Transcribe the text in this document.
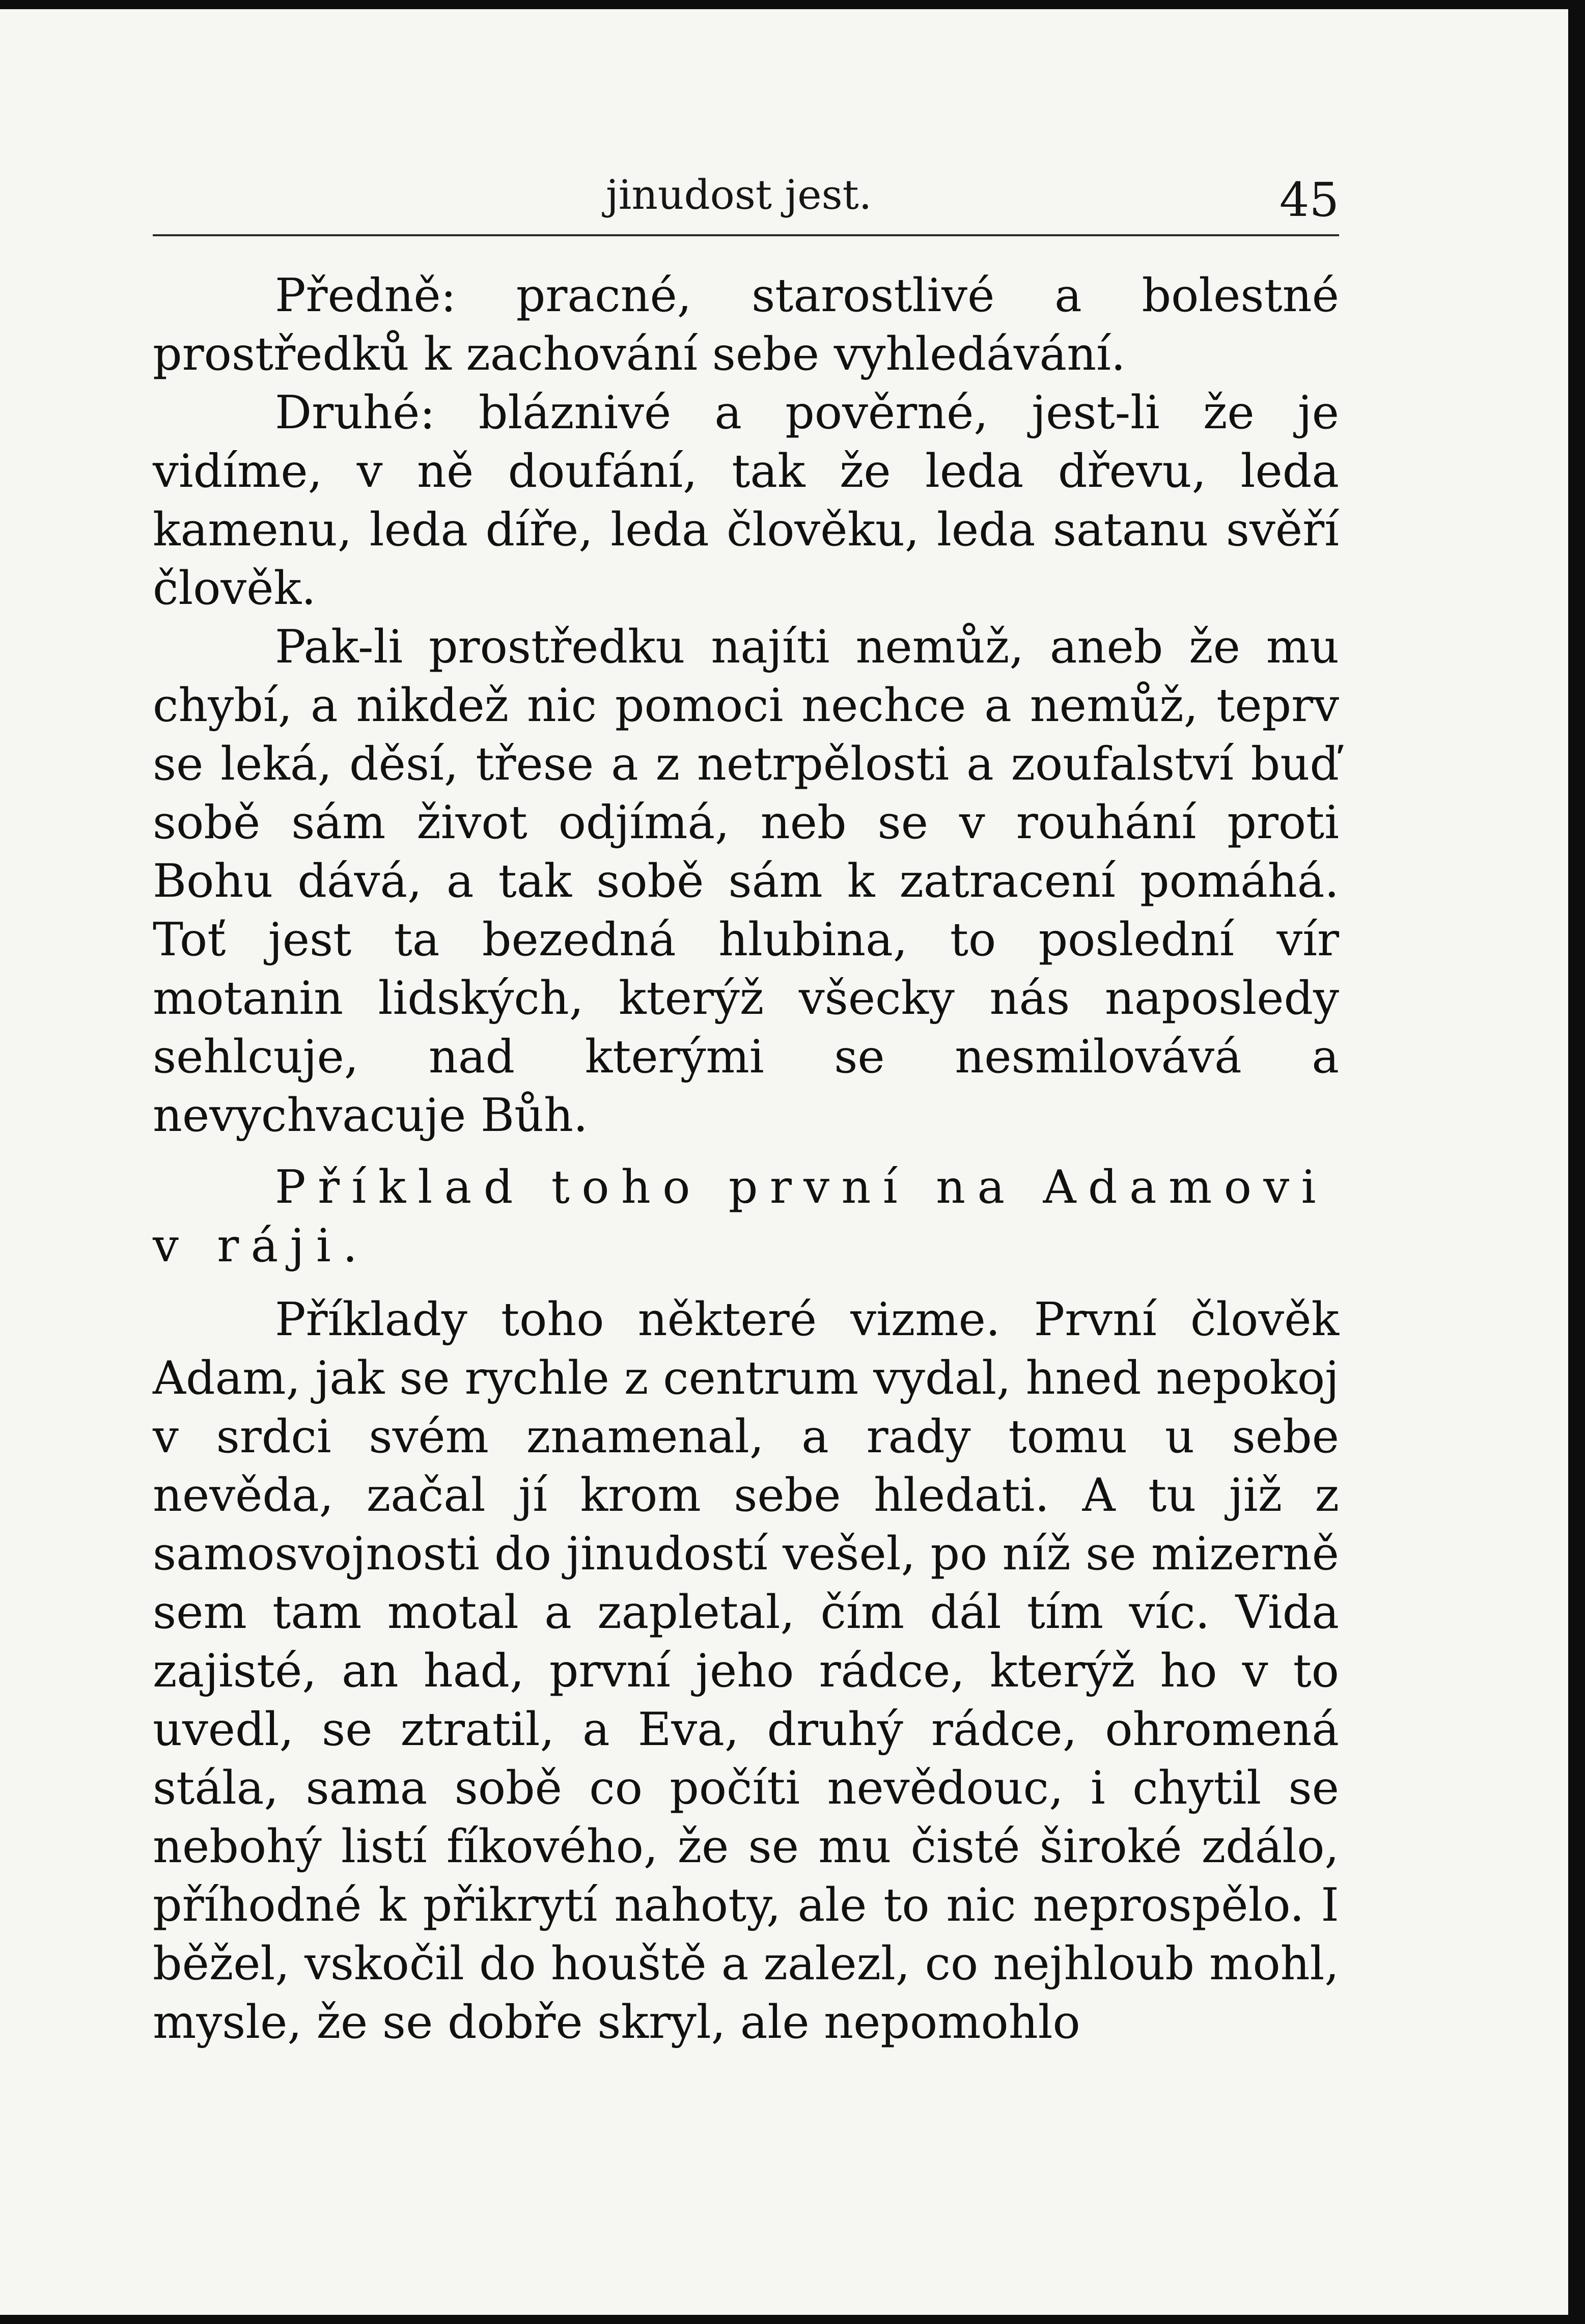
jinudost jest.	45

Předně: pracné, starostlivé a bolestné prostředků k zachování sebe vyhledávání.

Druhé: bláznivé a pověrné, jest-li že je vidíme, v ně doufání, tak že leda dřevu, leda kamenu, leda díře, leda člověku, leda satanu svěří člověk.

Pak-li prostředku najíti nemůž, aneb že mu chybí, a nikdež nic pomoci nechce a nemůž, teprv se leká, děsí, třese a z netrpělosti a zoufalství buď sobě sám život odjímá, neb se v rouhání proti Bohu dává, a tak sobě sám k zatracení pomáhá. Toť jest ta bezedná hlubina, to poslední vír motanin lidských, kterýž všecky nás naposledy sehlcuje, nad kterými se nesmilovává a nevychvacuje Bůh.

Příklad toho první na Adamovi v ráji.

Příklady toho některé vizme. První člověk Adam, jak se rychle z centrum vydal, hned nepokoj v srdci svém znamenal, a rady tomu u sebe nevěda, začal jí krom sebe hledati. A tu již z samosvojnosti do jinudostí vešel, po níž se mizerně sem tam motal a zapletal, čím dál tím víc. Vida zajisté, an had, první jeho rádce, kterýž ho v to uvedl, se ztratil, a Eva, druhý rádce, ohromená stála, sama sobě co počíti nevědouc, i chytil se nebohý listí fíkového, že se mu čisté široké zdálo, příhodné k přikrytí nahoty, ale to nic neprospělo. I běžel, vskočil do houště a zalezl, co nejhloub mohl, mysle, že se dobře skryl, ale nepomohlo
